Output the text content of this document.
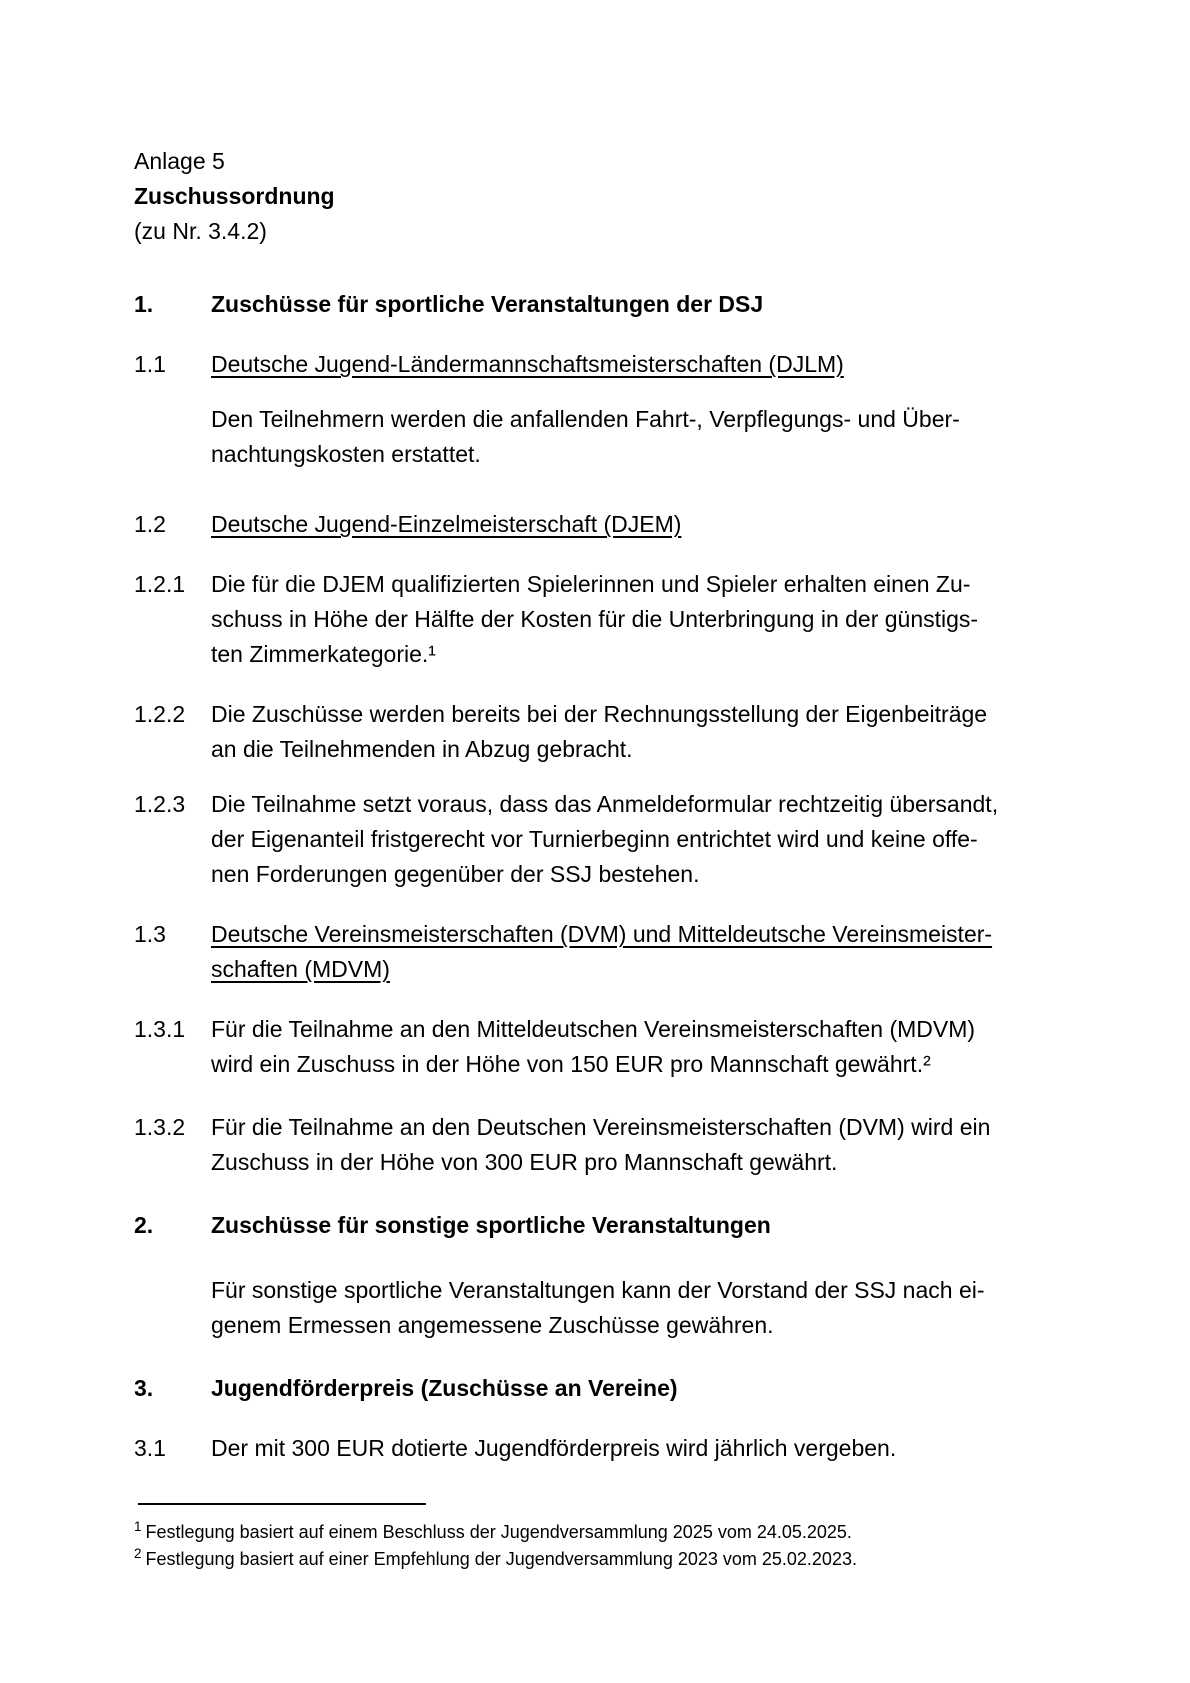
Anlage 5
Zuschussordnung
(zu Nr. 3.4.2)
1.	Zuschüsse für sportliche Veranstaltungen der DSJ
1.1	Deutsche Jugend-Ländermannschaftsmeisterschaften (DJLM)
Den Teilnehmern werden die anfallenden Fahrt-, Verpflegungs- und Über-
nachtungskosten erstattet.
1.2	Deutsche Jugend-Einzelmeisterschaft (DJEM)
1.2.1	Die für die DJEM qualifizierten Spielerinnen und Spieler erhalten einen Zu-
schuss in Höhe der Hälfte der Kosten für die Unterbringung in der günstigs-
ten Zimmerkategorie.¹
1.2.2	Die Zuschüsse werden bereits bei der Rechnungsstellung der Eigenbeiträge
an die Teilnehmenden in Abzug gebracht.
1.2.3	Die Teilnahme setzt voraus, dass das Anmeldeformular rechtzeitig übersandt,
der Eigenanteil fristgerecht vor Turnierbeginn entrichtet wird und keine offe-
nen Forderungen gegenüber der SSJ bestehen.
1.3	Deutsche Vereinsmeisterschaften (DVM) und Mitteldeutsche Vereinsmeister-
schaften (MDVM)
1.3.1	Für die Teilnahme an den Mitteldeutschen Vereinsmeisterschaften (MDVM)
wird ein Zuschuss in der Höhe von 150 EUR pro Mannschaft gewährt.²
1.3.2	Für die Teilnahme an den Deutschen Vereinsmeisterschaften (DVM) wird ein
Zuschuss in der Höhe von 300 EUR pro Mannschaft gewährt.
2.	Zuschüsse für sonstige sportliche Veranstaltungen
Für sonstige sportliche Veranstaltungen kann der Vorstand der SSJ nach ei-
genem Ermessen angemessene Zuschüsse gewähren.
3.	Jugendförderpreis (Zuschüsse an Vereine)
3.1	Der mit 300 EUR dotierte Jugendförderpreis wird jährlich vergeben.
$^1$ Festlegung basiert auf einem Beschluss der Jugendversammlung 2025 vom 24.05.2025.
$^2$ Festlegung basiert auf einer Empfehlung der Jugendversammlung 2023 vom 25.02.2023.
